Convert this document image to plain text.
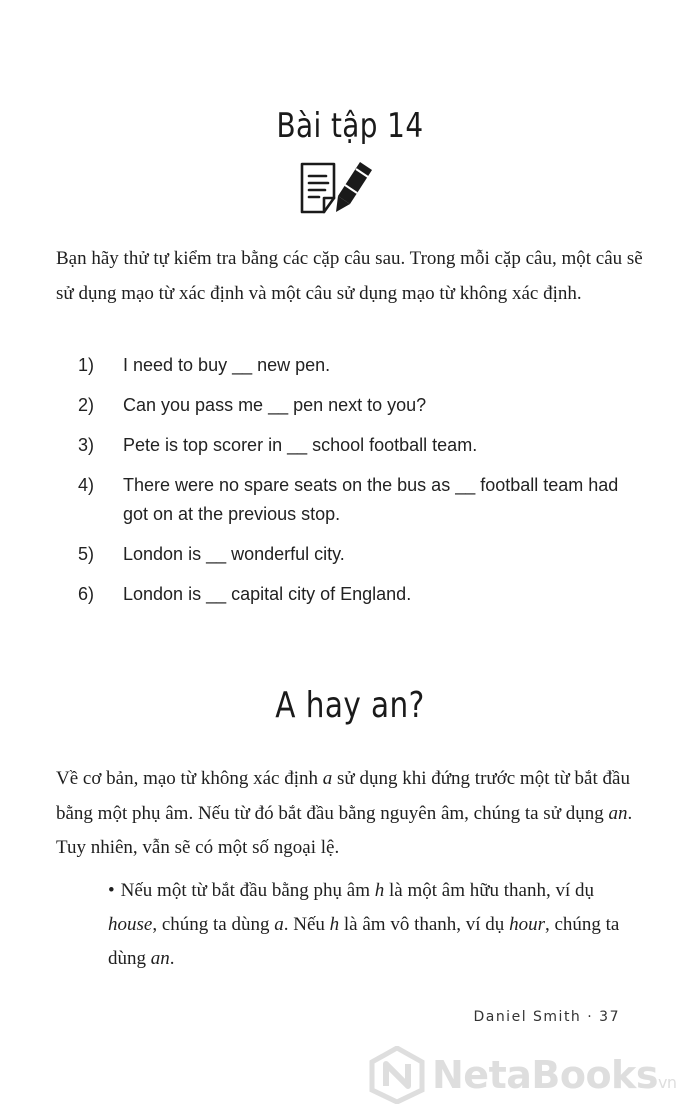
Bài tập 14

Bạn hãy thử tự kiểm tra bằng các cặp câu sau. Trong mỗi cặp câu, một câu sẽ sử dụng mạo từ xác định và một câu sử dụng mạo từ không xác định.

1) I need to buy __ new pen.
2) Can you pass me __ pen next to you?
3) Pete is top scorer in __ school football team.
4) There were no spare seats on the bus as __ football team had got on at the previous stop.
5) London is __ wonderful city.
6) London is __ capital city of England.
A hay an?

Về cơ bản, mạo từ không xác định a sử dụng khi đứng trước một từ bắt đầu bằng một phụ âm. Nếu từ đó bắt đầu bằng nguyên âm, chúng ta sử dụng an. Tuy nhiên, vẫn sẽ có một số ngoại lệ.

• Nếu một từ bắt đầu bằng phụ âm h là một âm hữu thanh, ví dụ house, chúng ta dùng a. Nếu h là âm vô thanh, ví dụ hour, chúng ta dùng an.

Daniel Smith · 37
NetaBooksvn
